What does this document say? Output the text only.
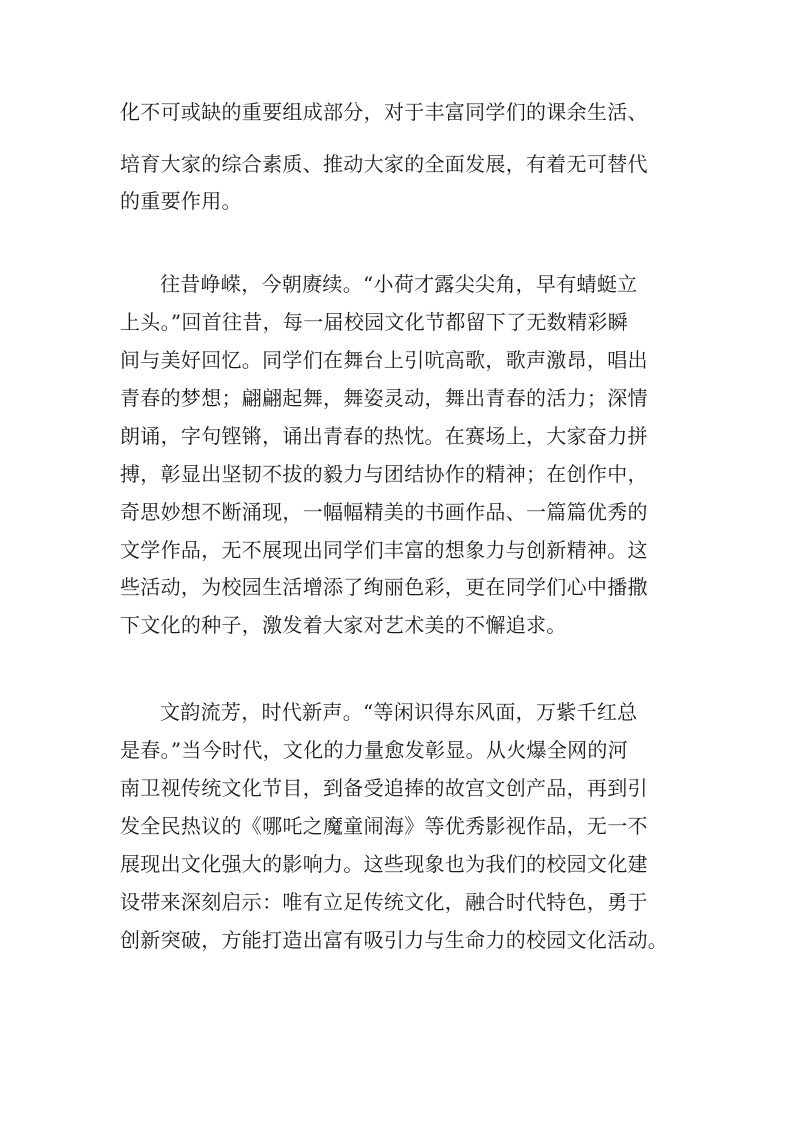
化不可或缺的重要组成部分，对于丰富同学们的课余生活、
培育大家的综合素质、推动大家的全面发展，有着无可替代
的重要作用。
往昔峥嵘，今朝赓续。“小荷才露尖尖角，早有蜻蜓立
上头。”回首往昔，每一届校园文化节都留下了无数精彩瞬
间与美好回忆。同学们在舞台上引吭高歌，歌声激昂，唱出
青春的梦想；翩翩起舞，舞姿灵动，舞出青春的活力；深情
朗诵，字句铿锵，诵出青春的热忱。在赛场上，大家奋力拼
搏，彰显出坚韧不拔的毅力与团结协作的精神；在创作中，
奇思妙想不断涌现，一幅幅精美的书画作品、一篇篇优秀的
文学作品，无不展现出同学们丰富的想象力与创新精神。这
些活动，为校园生活增添了绚丽色彩，更在同学们心中播撒
下文化的种子，激发着大家对艺术美的不懈追求。
文韵流芳，时代新声。“等闲识得东风面，万紫千红总
是春。”当今时代，文化的力量愈发彰显。从火爆全网的河
南卫视传统文化节目，到备受追捧的故宫文创产品，再到引
发全民热议的《哪吒之魔童闹海》等优秀影视作品，无一不
展现出文化强大的影响力。这些现象也为我们的校园文化建
设带来深刻启示：唯有立足传统文化，融合时代特色，勇于
创新突破，方能打造出富有吸引力与生命力的校园文化活动。
